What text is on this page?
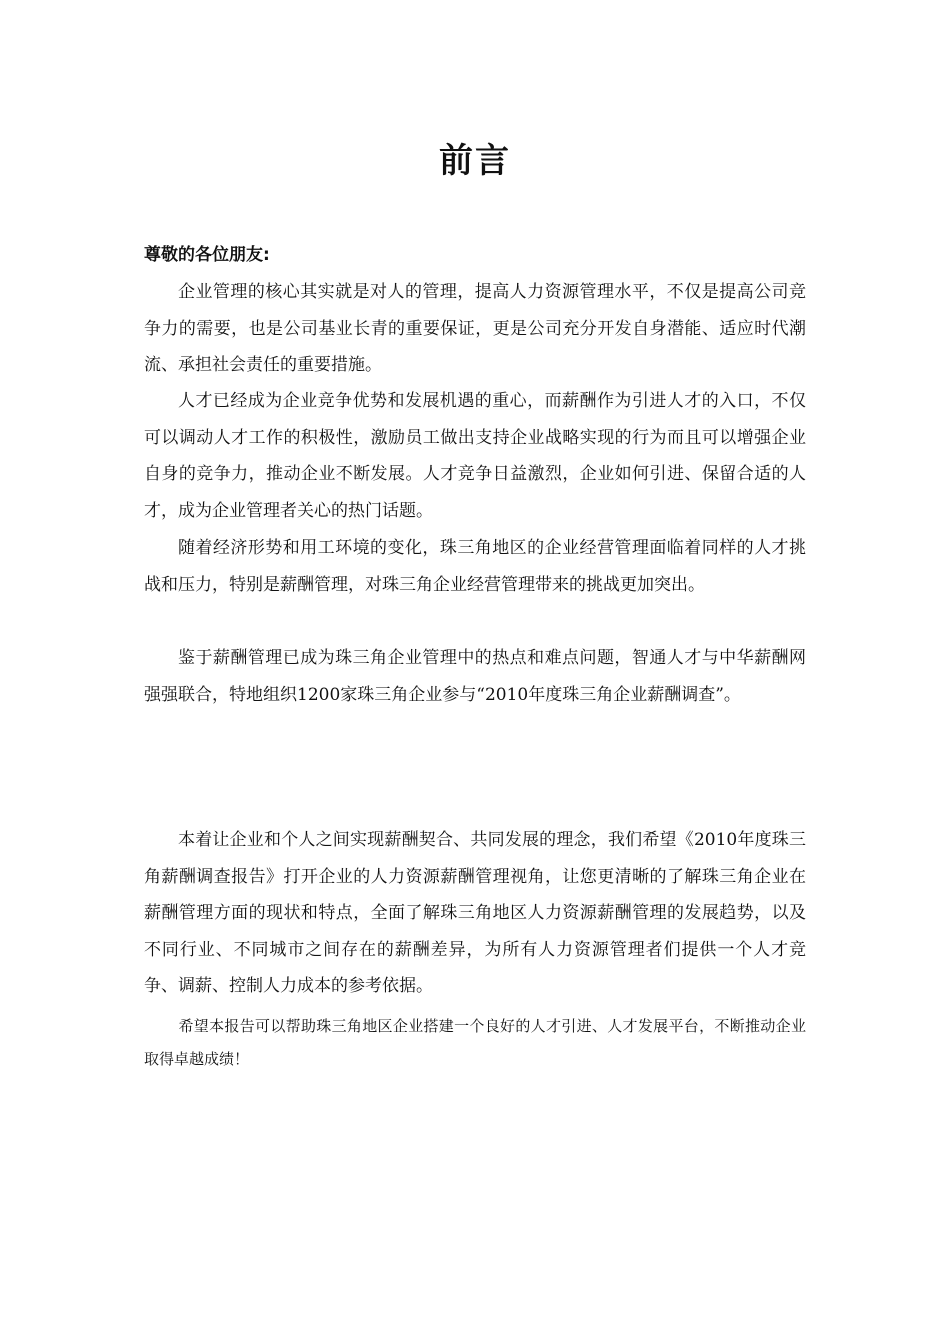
前言
尊敬的各位朋友:

企业管理的核心其实就是对人的管理，提高人力资源管理水平，不仅是提高公司竞争力的需要，也是公司基业长青的重要保证，更是公司充分开发自身潜能、适应时代潮流、承担社会责任的重要措施。

人才已经成为企业竞争优势和发展机遇的重心，而薪酬作为引进人才的入口，不仅可以调动人才工作的积极性，激励员工做出支持企业战略实现的行为而且可以增强企业自身的竞争力，推动企业不断发展。人才竞争日益激烈，企业如何引进、保留合适的人才，成为企业管理者关心的热门话题。

随着经济形势和用工环境的变化，珠三角地区的企业经营管理面临着同样的人才挑战和压力，特别是薪酬管理，对珠三角企业经营管理带来的挑战更加突出。

鉴于薪酬管理已成为珠三角企业管理中的热点和难点问题，智通人才与中华薪酬网强强联合，特地组织1200家珠三角企业参与“2010年度珠三角企业薪酬调查”。

本着让企业和个人之间实现薪酬契合、共同发展的理念，我们希望《2010年度珠三角薪酬调查报告》打开企业的人力资源薪酬管理视角，让您更清晰的了解珠三角企业在薪酬管理方面的现状和特点，全面了解珠三角地区人力资源薪酬管理的发展趋势，以及不同行业、不同城市之间存在的薪酬差异，为所有人力资源管理者们提供一个人才竞争、调薪、控制人力成本的参考依据。

希望本报告可以帮助珠三角地区企业搭建一个良好的人才引进、人才发展平台，不断推动企业取得卓越成绩！
